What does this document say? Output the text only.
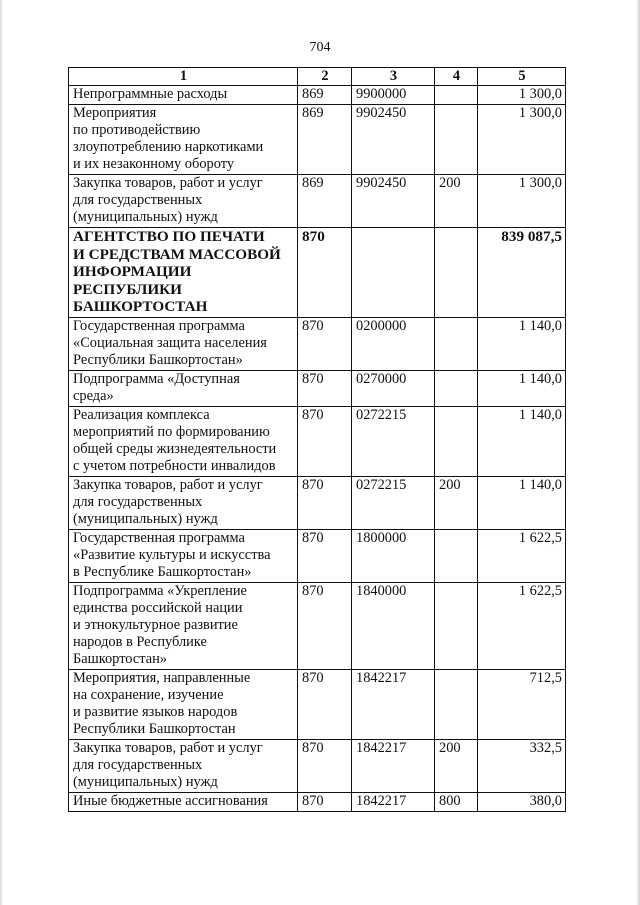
704
1	2	3	4	5
Непрограммные расходы	869	9900000		1 300,0
Мероприятия
по противодействию
злоупотреблению наркотиками
и их незаконному обороту	869	9902450		1 300,0
Закупка товаров, работ и услуг
для государственных
(муниципальных) нужд	869	9902450	200	1 300,0
АГЕНТСТВО ПО ПЕЧАТИ
И СРЕДСТВАМ МАССОВОЙ
ИНФОРМАЦИИ
РЕСПУБЛИКИ
БАШКОРТОСТАН	870			839 087,5
Государственная программа
«Социальная защита населения
Республики Башкортостан»	870	0200000		1 140,0
Подпрограмма «Доступная
среда»	870	0270000		1 140,0
Реализация комплекса
мероприятий по формированию
общей среды жизнедеятельности
с учетом потребности инвалидов	870	0272215		1 140,0
Закупка товаров, работ и услуг
для государственных
(муниципальных) нужд	870	0272215	200	1 140,0
Государственная программа
«Развитие культуры и искусства
в Республике Башкортостан»	870	1800000		1 622,5
Подпрограмма «Укрепление
единства российской нации
и этнокультурное развитие
народов в Республике
Башкортостан»	870	1840000		1 622,5
Мероприятия, направленные
на сохранение, изучение
и развитие языков народов
Республики Башкортостан	870	1842217		712,5
Закупка товаров, работ и услуг
для государственных
(муниципальных) нужд	870	1842217	200	332,5
Иные бюджетные ассигнования	870	1842217	800	380,0
